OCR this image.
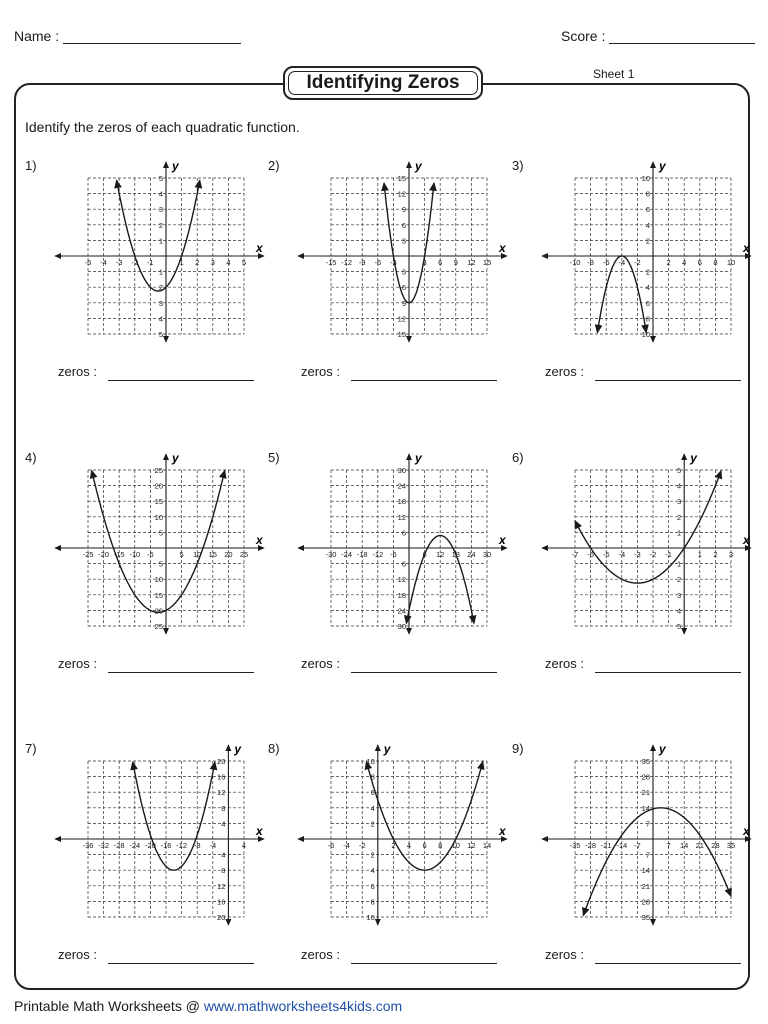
Name :	Score :
Identifying Zeros	Sheet 1
Identify the zeros of each quadratic function.
1)
x
y
-5 -4 -3 -2 -1	1 2 3 4 5
5
4
3
2
1
1
2
3
4
5
zeros :
2)
x
y
-15 -12 -9 -6 -3	3 6 9 12 15
15
12
9
6
3
3
6
9
12
15
zeros :
3)
x
y
-10 -8 -6 -4 -2	2 4 6 8 10
10
8
6
4
2
2
4
6
8
10
zeros :
4)
x
y
-25 -20 -15 -10 -5	5 10 15 20 25
25
20
15
10
5
5
10
15
20
25
zeros :
5)
x
y
-30 -24 -18 -12 -6	6 12 18 24 30
30
24
18
12
6
6
12
18
24
30
zeros :
6)
x
y
-7 -6 -5 -4 -3 -2 -1	1 2 3
5
4
3
2
1
1
2
3
4
5
zeros :
7)
x
y
-36 -32 -28 -24 -20 -16 -12 -8 -4	4
20
16
12
8
4
4
8
12
16
20
zeros :
8)
x
y
-6 -4 -2	2 4 6 8 10 12 14
10
8
6
4
2
2
4
6
8
10
zeros :
9)
x
y
-35 -28 -21 -14 -7	7 14 21 28 35
35
28
21
14
7
7
14
21
28
35
zeros :
Printable Math Worksheets @ www.mathworksheets4kids.com
